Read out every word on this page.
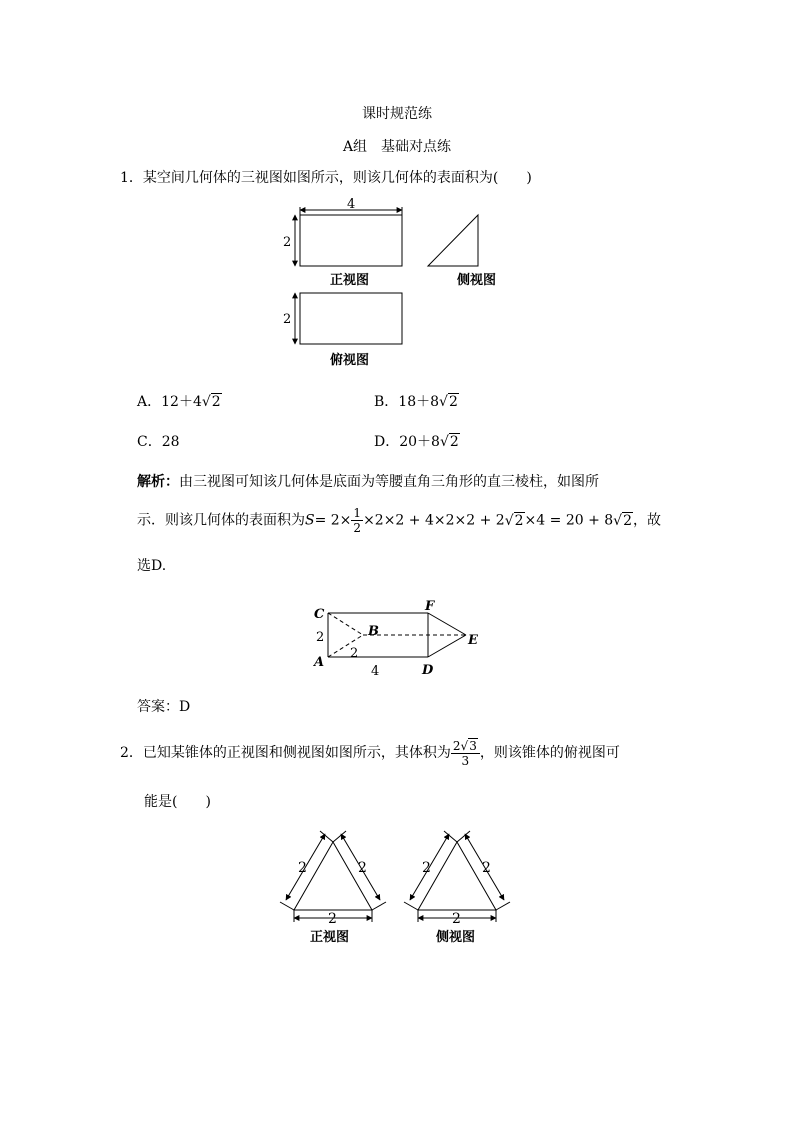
课时规范练
A组　基础对点练
1．某空间几何体的三视图如图所示，则该几何体的表面积为(　　)
4
2
正视图	侧视图
2
俯视图
A．12＋4√2	B．18＋8√2
C．28	D．20＋8√2
解析：由三视图可知该几何体是底面为等腰直角三角形的直三棱柱，如图所
示．则该几何体的表面积为$S= 2\times \frac{1}{2} \times 2\times 2 + 4\times 2\times 2 + 2√2\times 4 = 20 + 8√2$，故
选D.
C
A
B
F
E
D
2
2
4
答案：D
2．已知某锥体的正视图和侧视图如图所示，其体积为 $\frac{2√3}{3}$ ，则该锥体的俯视图可
能是(　　)
2	2
2
正视图
2	2
2
侧视图
